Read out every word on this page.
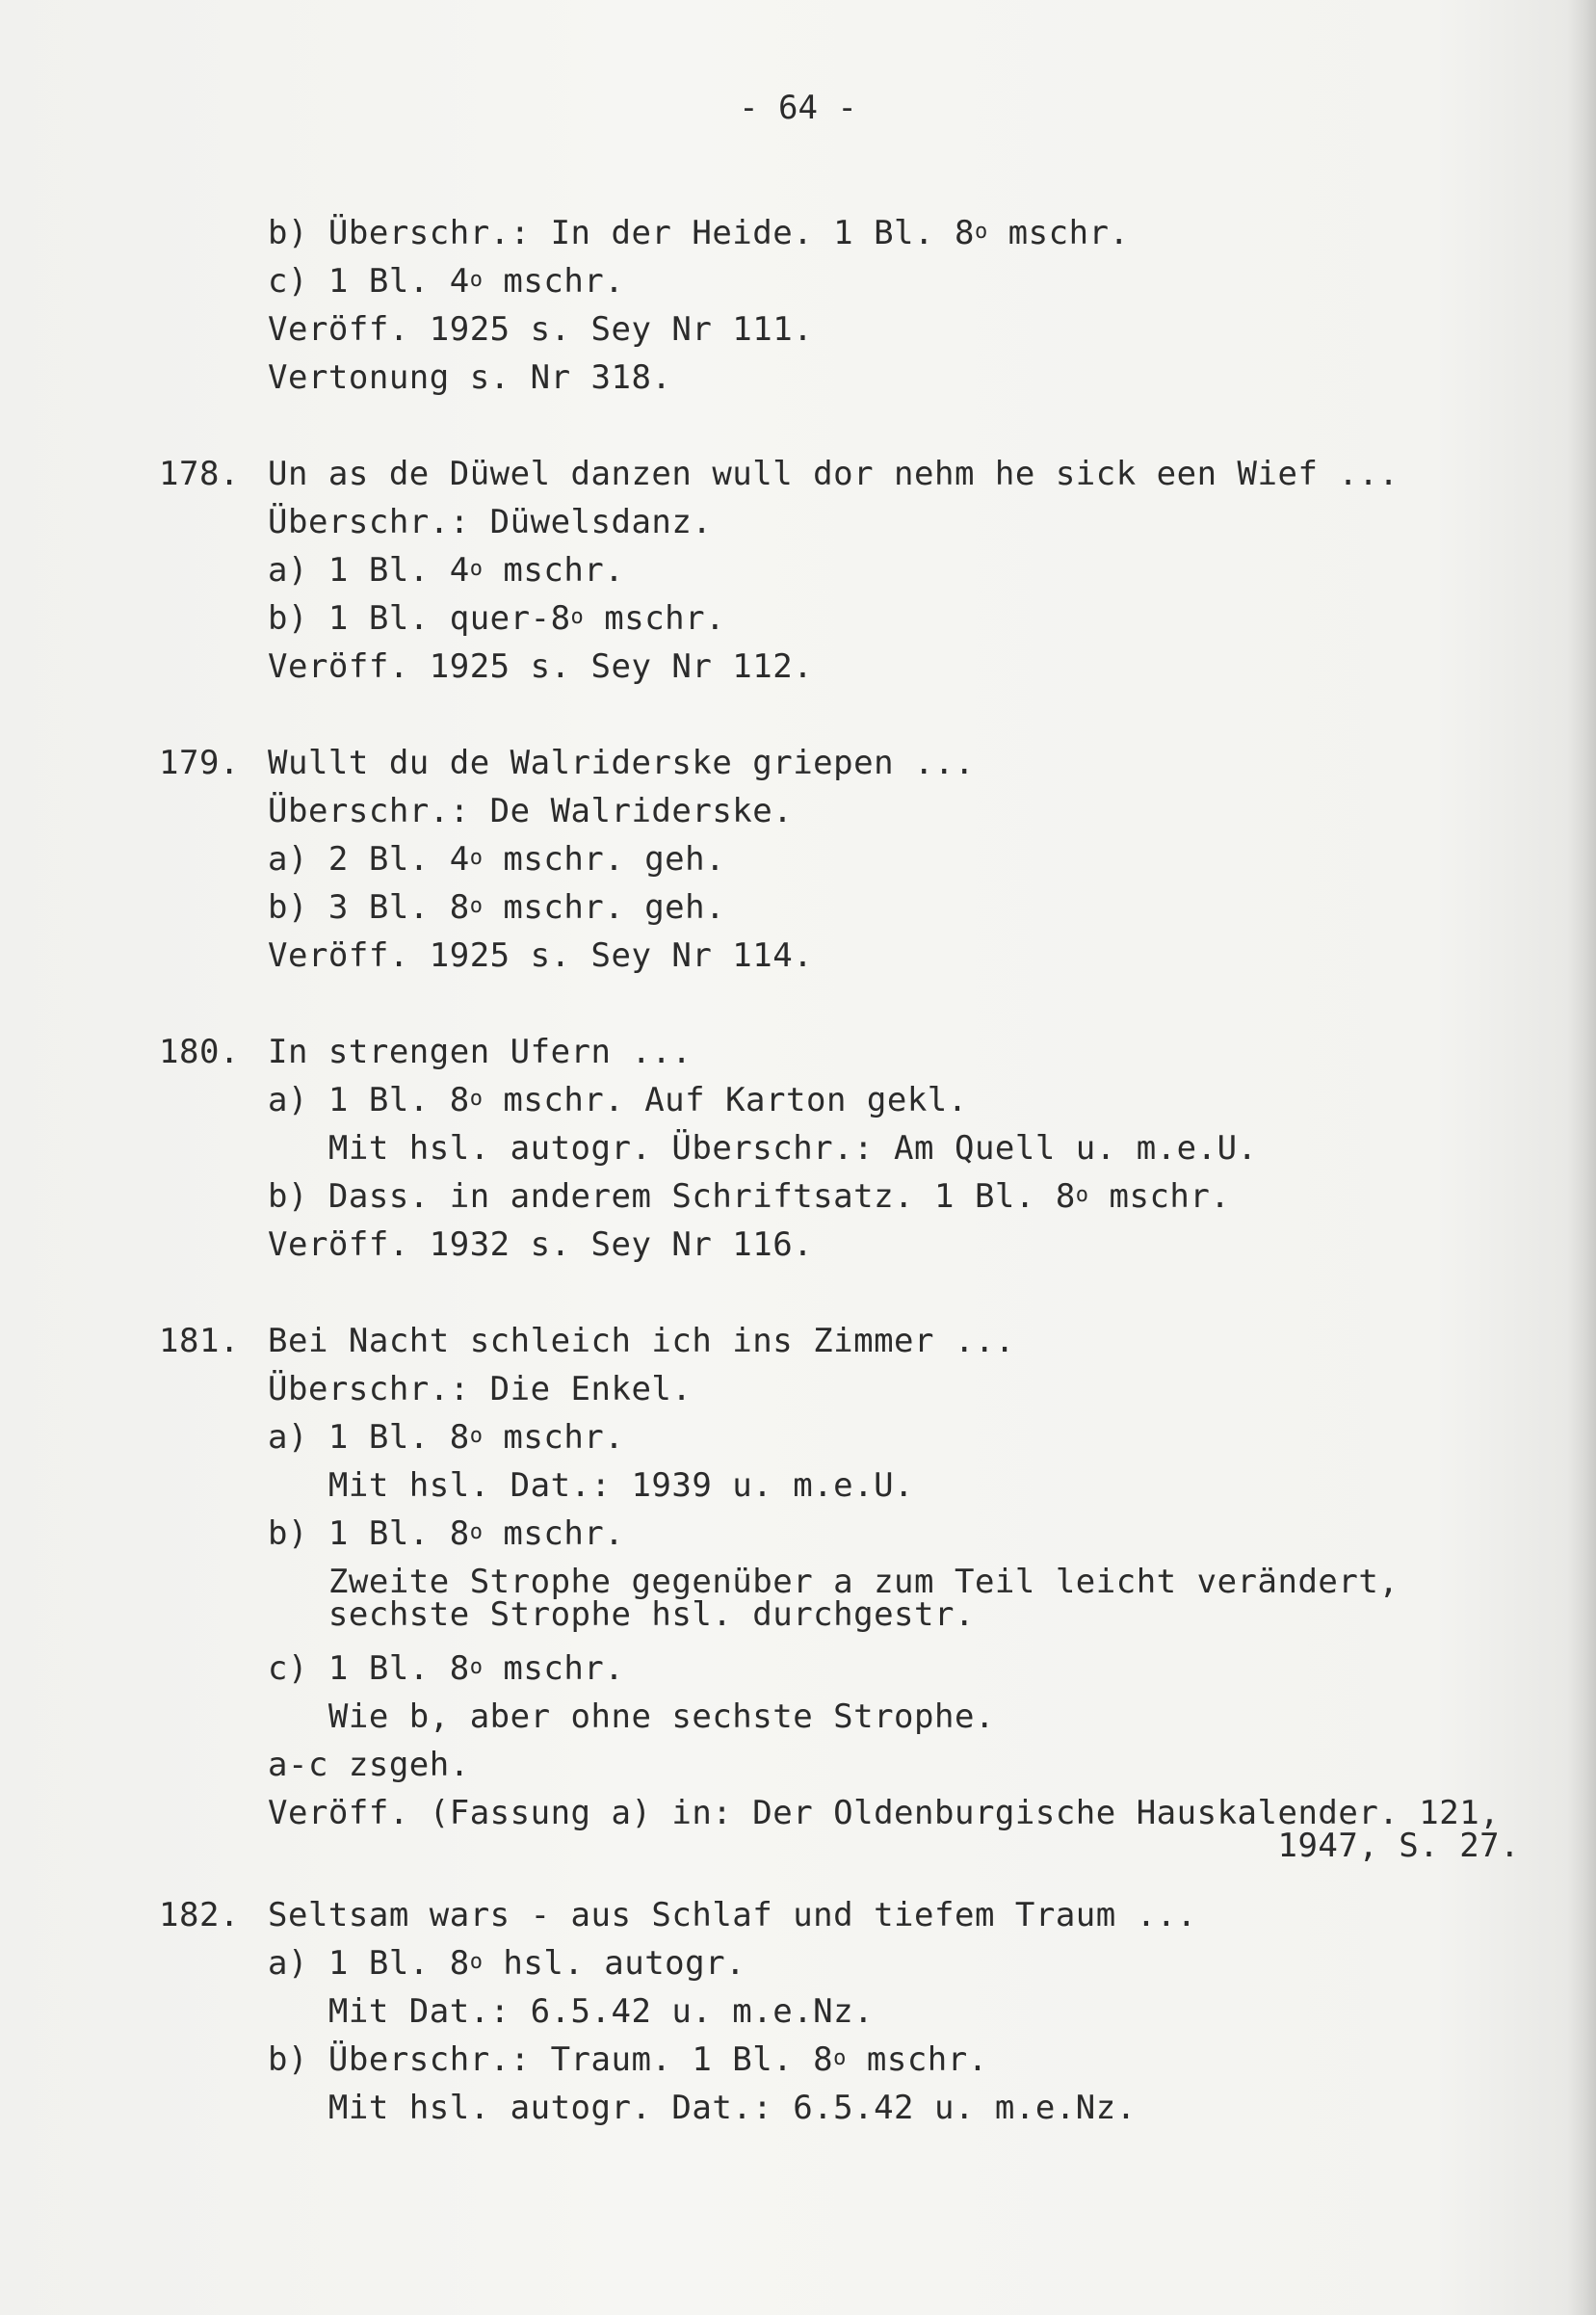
- 64 -
b) Überschr.: In der Heide. 1 Bl. 8$^o$ mschr.
c) 1 Bl. 4$^o$ mschr.
Veröff. 1925 s. Sey Nr 111.
Vertonung s. Nr 318.
178. Un as de Düwel danzen wull dor nehm he sick een Wief ...
Überschr.: Düwelsdanz.
a) 1 Bl. 4$^o$ mschr.
b) 1 Bl. quer-8$^o$ mschr.
Veröff. 1925 s. Sey Nr 112.
179. Wullt du de Walriderske griepen ...
Überschr.: De Walriderske.
a) 2 Bl. 4$^o$ mschr. geh.
b) 3 Bl. 8$^o$ mschr. geh.
Veröff. 1925 s. Sey Nr 114.
180. In strengen Ufern ...
a) 1 Bl. 8$^o$ mschr. Auf Karton gekl.
Mit hsl. autogr. Überschr.: Am Quell u. m.e.U.
b) Dass. in anderem Schriftsatz. 1 Bl. 8$^o$ mschr.
Veröff. 1932 s. Sey Nr 116.
181. Bei Nacht schleich ich ins Zimmer ...
Überschr.: Die Enkel.
a) 1 Bl. 8$^o$ mschr.
Mit hsl. Dat.: 1939 u. m.e.U.
b) 1 Bl. 8$^o$ mschr.
Zweite Strophe gegenüber a zum Teil leicht verändert,
sechste Strophe hsl. durchgestr.
c) 1 Bl. 8$^o$ mschr.
Wie b, aber ohne sechste Strophe.
a-c zsgeh.
Veröff. (Fassung a) in: Der Oldenburgische Hauskalender. 121,
1947, S. 27.
182. Seltsam wars - aus Schlaf und tiefem Traum ...
a) 1 Bl. 8$^o$ hsl. autogr.
Mit Dat.: 6.5.42 u. m.e.Nz.
b) Überschr.: Traum. 1 Bl. 8$^o$ mschr.
Mit hsl. autogr. Dat.: 6.5.42 u. m.e.Nz.
